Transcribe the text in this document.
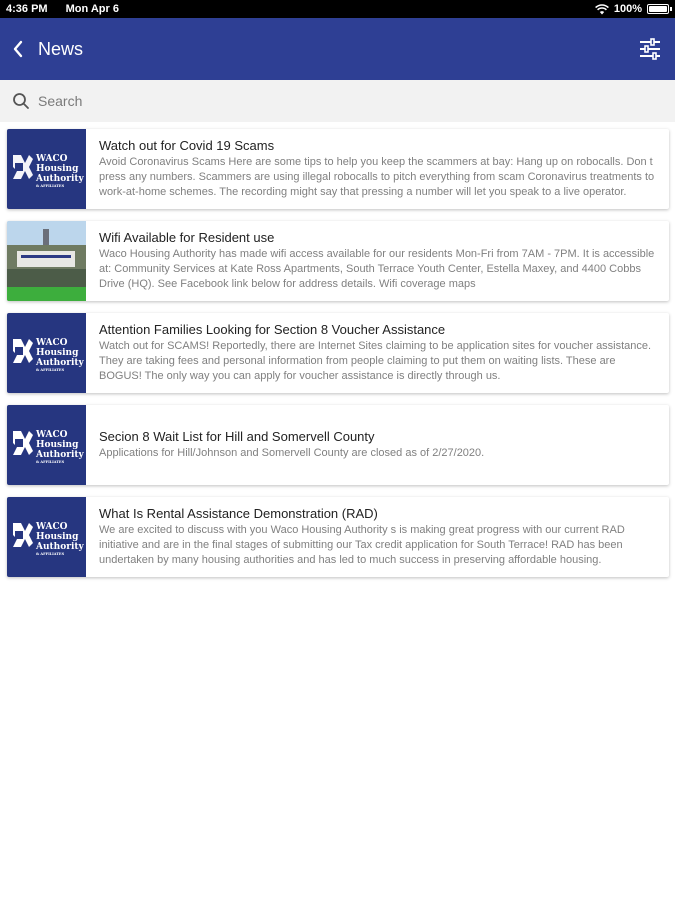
4:36 PM Mon Apr 6	100%
News
Search
WACO
Housing
Authority
& AFFILIATES
Watch out for Covid 19 Scams
Avoid Coronavirus Scams Here are some tips to help you keep the scammers at bay: Hang up on robocalls. Don t press any numbers. Scammers are using illegal robocalls to pitch everything from scam Coronavirus treatments to work-at-home schemes. The recording might say that pressing a number will let you speak to a live operator.
Wifi Available for Resident use
Waco Housing Authority has made wifi access available for our residents Mon-Fri from 7AM - 7PM. It is accessible at: Community Services at Kate Ross Apartments, South Terrace Youth Center, Estella Maxey, and 4400 Cobbs Drive (HQ). See Facebook link below for address details. Wifi coverage maps
WACO
Housing
Authority
& AFFILIATES
Attention Families Looking for Section 8 Voucher Assistance
Watch out for SCAMS! Reportedly, there are Internet Sites claiming to be application sites for voucher assistance. They are taking fees and personal information from people claiming to put them on waiting lists. These are BOGUS! The only way you can apply for voucher assistance is directly through us.
WACO
Housing
Authority
& AFFILIATES
Secion 8 Wait List for Hill and Somervell County
Applications for Hill/Johnson and Somervell County are closed as of 2/27/2020.
WACO
Housing
Authority
& AFFILIATES
What Is Rental Assistance Demonstration (RAD)
We are excited to discuss with you Waco Housing Authority s is making great progress with our current RAD initiative and are in the final stages of submitting our Tax credit application for South Terrace! RAD has been undertaken by many housing authorities and has led to much success in preserving affordable housing.
